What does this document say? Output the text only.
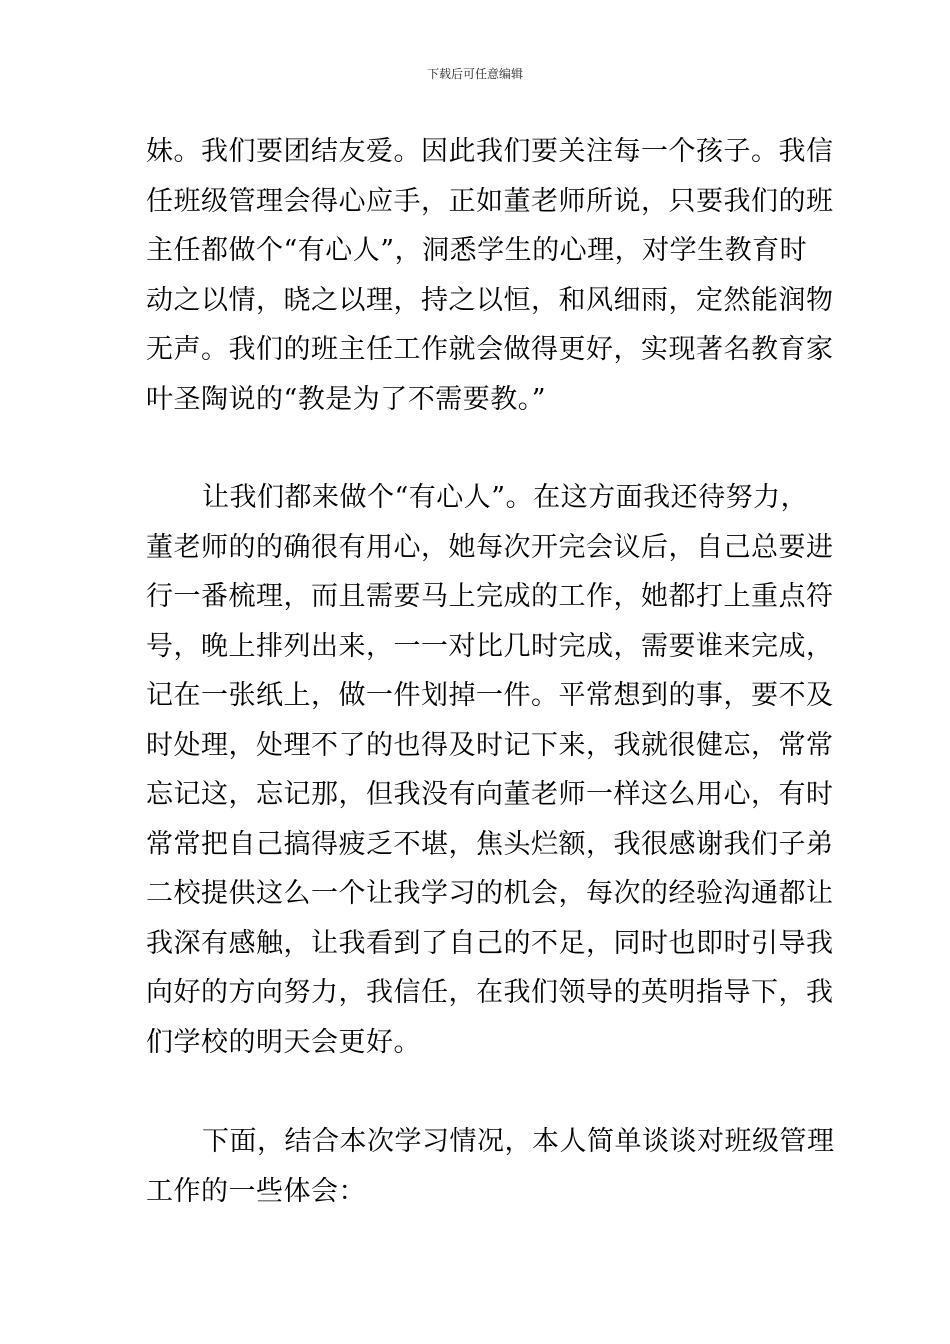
下载后可任意编辑
妹。我们要团结友爱。因此我们要关注每一个孩子。我信
任班级管理会得心应手，正如董老师所说，只要我们的班
主任都做个“有心人”，洞悉学生的心理，对学生教育时
动之以情，晓之以理，持之以恒，和风细雨，定然能润物
无声。我们的班主任工作就会做得更好，实现著名教育家
叶圣陶说的“教是为了不需要教。”
让我们都来做个“有心人”。在这方面我还待努力，
董老师的的确很有用心，她每次开完会议后，自己总要进
行一番梳理，而且需要马上完成的工作，她都打上重点符
号，晚上排列出来，一一对比几时完成，需要谁来完成，
记在一张纸上，做一件划掉一件。平常想到的事，要不及
时处理，处理不了的也得及时记下来，我就很健忘，常常
忘记这，忘记那，但我没有向董老师一样这么用心，有时
常常把自己搞得疲乏不堪，焦头烂额，我很感谢我们子弟
二校提供这么一个让我学习的机会，每次的经验沟通都让
我深有感触，让我看到了自己的不足，同时也即时引导我
向好的方向努力，我信任，在我们领导的英明指导下，我
们学校的明天会更好。
下面，结合本次学习情况，本人简单谈谈对班级管理
工作的一些体会：
